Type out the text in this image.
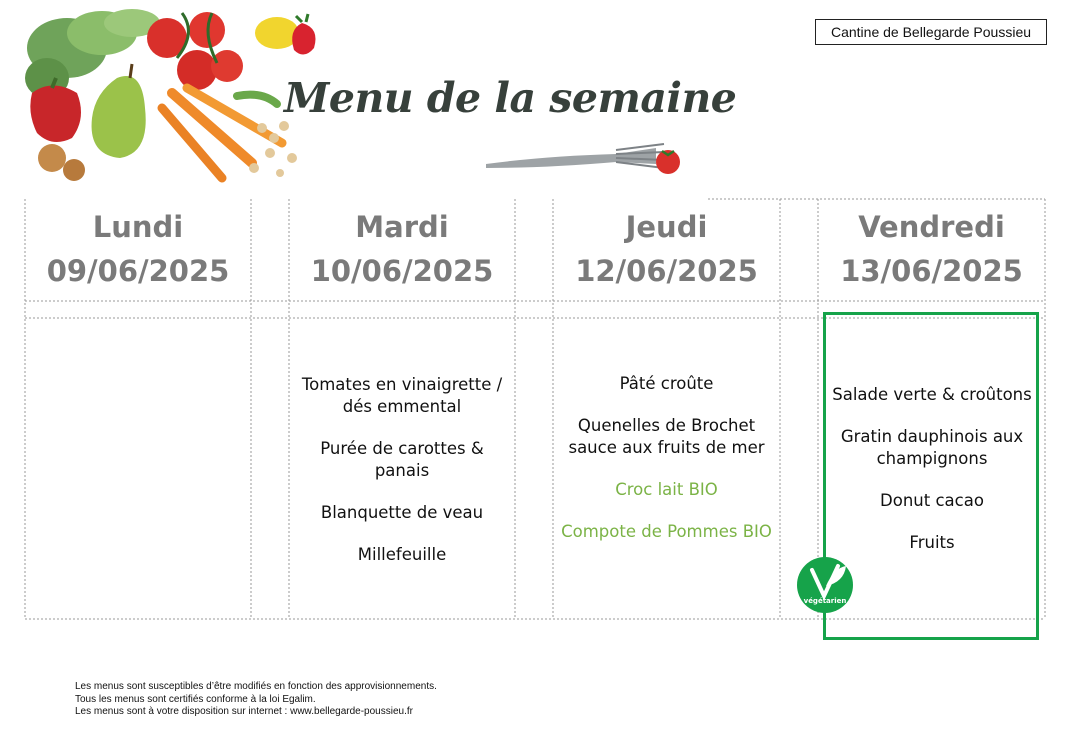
Menu de la semaine
Cantine de Bellegarde Poussieu
Lundi
09/06/2025
Mardi
10/06/2025
Jeudi
12/06/2025
Vendredi
13/06/2025
Tomates en vinaigrette / dés emmental
Purée de carottes & panais
Blanquette de veau
Millefeuille
Pâté croûte
Quenelles de Brochet sauce aux fruits de mer
Croc lait BIO
Compote de Pommes BIO
Salade verte & croûtons
Gratin dauphinois aux champignons
Donut cacao
Fruits
végétarien
Les menus sont susceptibles d’être modifiés en fonction des approvisionnements.
Tous les menus sont certifiés conforme à la loi Egalim.
Les menus sont à votre disposition sur internet : www.bellegarde-poussieu.fr
